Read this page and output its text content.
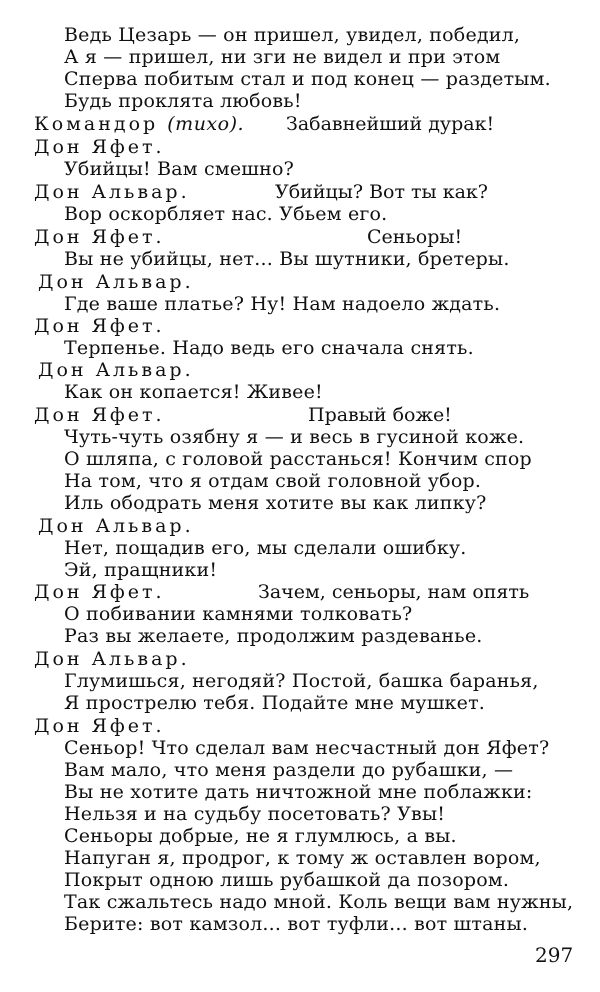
Ведь Цезарь — он пришел, увидел, победил,
А я — пришел, ни зги не видел и при этом
Сперва побитым стал и под конец — раздетым.
Будь проклята любовь!
Командор (тихо). Забавнейший дурак!
Дон Яфет.
Убийцы! Вам смешно?
Дон Альвар.	Убийцы? Вот ты как?
Вор оскорбляет нас. Убьем его.
Дон Яфет.	Сеньоры!
Вы не убийцы, нет... Вы шутники, бретеры.
Дон Альвар.
Где ваше платье? Ну! Нам надоело ждать.
Дон Яфет.
Терпенье. Надо ведь его сначала снять.
Дон Альвар.
Как он копается! Живее!
Дон Яфет.	Правый боже!
Чуть-чуть озябну я — и весь в гусиной коже.
О шляпа, с головой расстанься! Кончим спор
На том, что я отдам свой головной убор.
Иль ободрать меня хотите вы как липку?
Дон Альвар.
Нет, пощадив его, мы сделали ошибку.
Эй, пращники!
Дон Яфет.	Зачем, сеньоры, нам опять
О побивании камнями толковать?
Раз вы желаете, продолжим раздеванье.
Дон Альвар.
Глумишься, негодяй? Постой, башка баранья,
Я прострелю тебя. Подайте мне мушкет.
Дон Яфет.
Сеньор! Что сделал вам несчастный дон Яфет?
Вам мало, что меня раздели до рубашки, —
Вы не хотите дать ничтожной мне поблажки:
Нельзя и на судьбу посетовать? Увы!
Сеньоры добрые, не я глумлюсь, а вы.
Напуган я, продрог, к тому ж оставлен вором,
Покрыт одною лишь рубашкой да позором.
Так сжальтесь надо мной. Коль вещи вам нужны,
Берите: вот камзол... вот туфли... вот штаны.
297
